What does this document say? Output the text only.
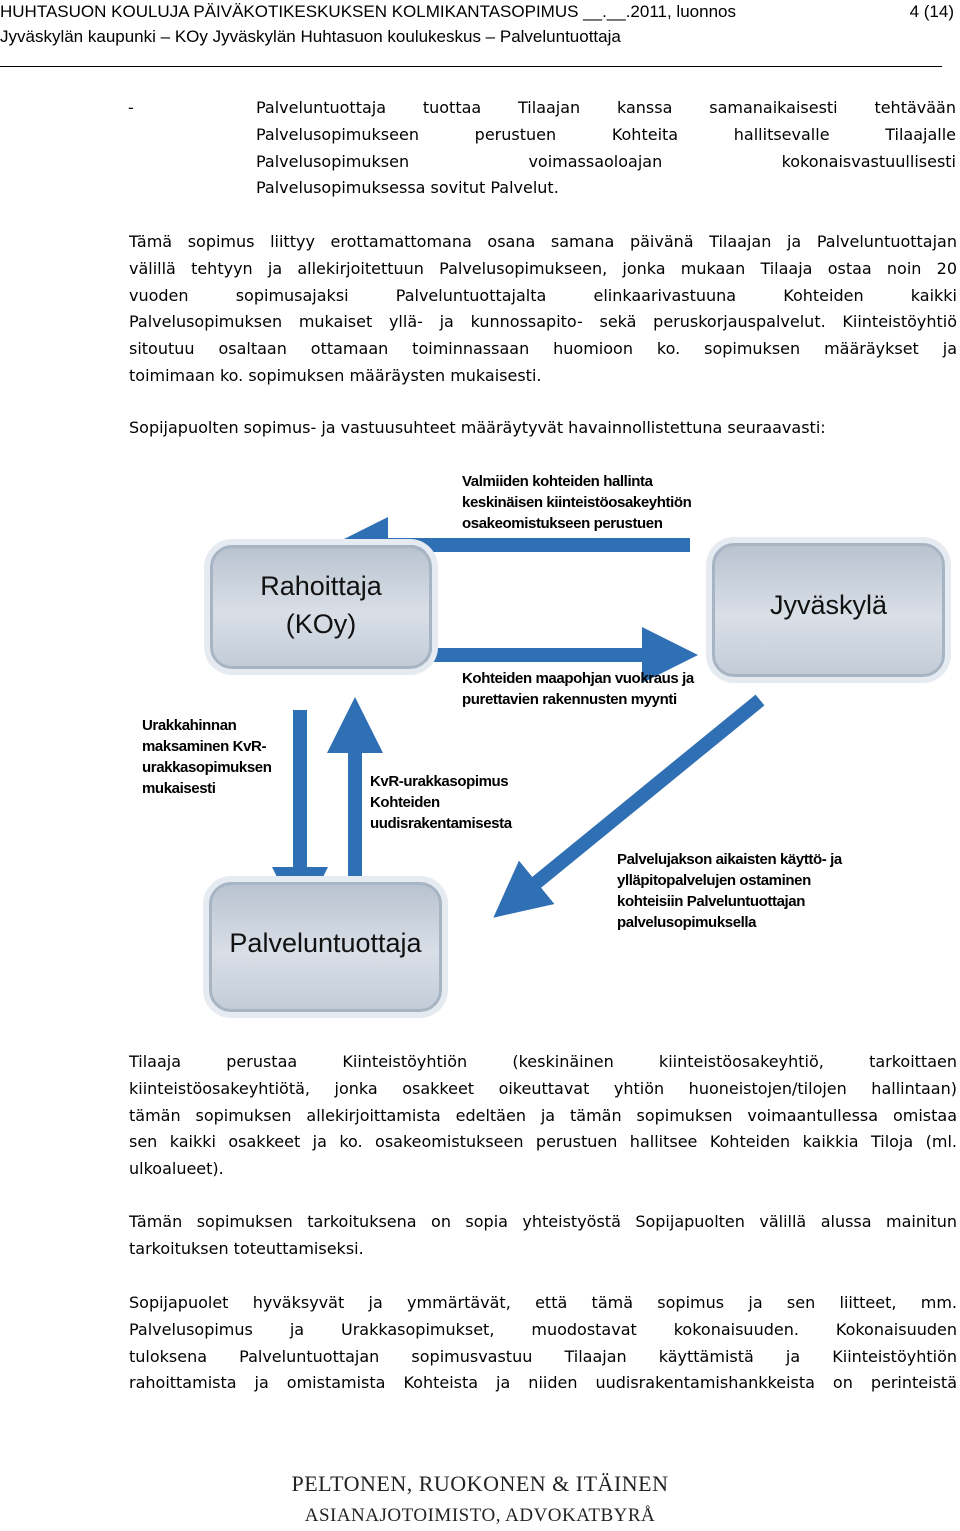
HUHTASUON KOULUJA PÄIVÄKOTIKESKUKSEN KOLMIKANTASOPIMUS __.__.2011, luonnos	4 (14)
Jyväskylän kaupunki – KOy Jyväskylän Huhtasuon koulukeskus – Palveluntuottaja
-	Palveluntuottaja tuottaa Tilaajan kanssa samanaikaisesti tehtävään
Palvelusopimukseen perustuen Kohteita hallitsevalle Tilaajalle
Palvelusopimuksen voimassaoloajan kokonaisvastuullisesti
Palvelusopimuksessa sovitut Palvelut.
Tämä sopimus liittyy erottamattomana osana samana päivänä Tilaajan ja Palveluntuottajan
välillä tehtyyn ja allekirjoitettuun Palvelusopimukseen, jonka mukaan Tilaaja ostaa noin 20
vuoden sopimusajaksi Palveluntuottajalta elinkaarivastuuna Kohteiden kaikki
Palvelusopimuksen mukaiset yllä- ja kunnossapito- sekä peruskorjauspalvelut. Kiinteistöyhtiö
sitoutuu osaltaan ottamaan toiminnassaan huomioon ko. sopimuksen määräykset ja
toimimaan ko. sopimuksen määräysten mukaisesti.
Sopijapuolten sopimus- ja vastuusuhteet määräytyvät havainnollistettuna seuraavasti:
Rahoittaja
(KOy)
Jyväskylä
Palveluntuottaja
Valmiiden kohteiden hallinta
keskinäisen kiinteistöosakeyhtiön
osakeomistukseen perustuen
Kohteiden maapohjan vuokraus ja
purettavien rakennusten myynti
Urakkahinnan
maksaminen KvR-
urakkasopimuksen
mukaisesti	KvR-urakkasopimus
Kohteiden
uudisrakentamisesta
Palvelujakson aikaisten käyttö- ja
ylläpitopalvelujen ostaminen
kohteisiin Palveluntuottajan
palvelusopimuksella
Tilaaja perustaa Kiinteistöyhtiön (keskinäinen kiinteistöosakeyhtiö, tarkoittaen
kiinteistöosakeyhtiötä, jonka osakkeet oikeuttavat yhtiön huoneistojen/tilojen hallintaan)
tämän sopimuksen allekirjoittamista edeltäen ja tämän sopimuksen voimaantullessa omistaa
sen kaikki osakkeet ja ko. osakeomistukseen perustuen hallitsee Kohteiden kaikkia Tiloja (ml.
ulkoalueet).
Tämän sopimuksen tarkoituksena on sopia yhteistyöstä Sopijapuolten välillä alussa mainitun
tarkoituksen toteuttamiseksi.
Sopijapuolet hyväksyvät ja ymmärtävät, että tämä sopimus ja sen liitteet, mm.
Palvelusopimus ja Urakkasopimukset, muodostavat kokonaisuuden. Kokonaisuuden
tuloksena Palveluntuottajan sopimusvastuu Tilaajan käyttämistä ja Kiinteistöyhtiön
rahoittamista ja omistamista Kohteista ja niiden uudisrakentamishankkeista on perinteistä
PELTONEN, RUOKONEN & ITÄINEN
ASIANAJOTOIMISTO, ADVOKATBYRÅ
